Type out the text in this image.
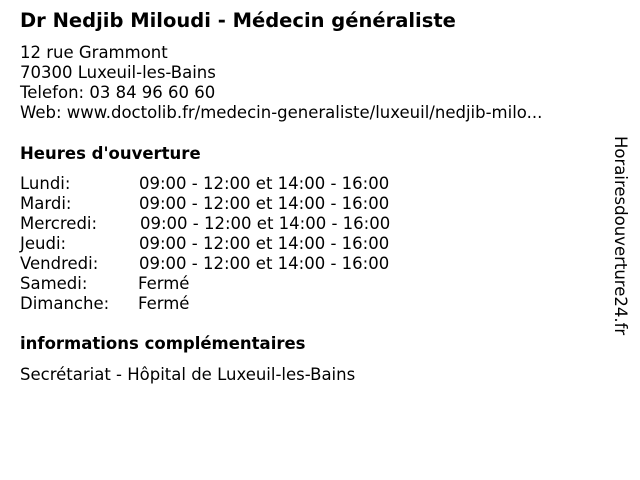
Dr Nedjib Miloudi - Médecin généraliste
12 rue Grammont
70300 Luxeuil-les-Bains
Telefon: 03 84 96 60 60
Web: www.doctolib.fr/medecin-generaliste/luxeuil/nedjib-milo...
Heures d'ouverture
Lundi:	09:00 - 12:00 et 14:00 - 16:00
Mardi:	09:00 - 12:00 et 14:00 - 16:00
Mercredi:	09:00 - 12:00 et 14:00 - 16:00
Jeudi:	09:00 - 12:00 et 14:00 - 16:00
Vendredi: 09:00 - 12:00 et 14:00 - 16:00
Samedi:	Fermé
Dimanche: Fermé
informations complémentaires
Secrétariat - Hôpital de Luxeuil-les-Bains
Horairesdouverture24.fr
